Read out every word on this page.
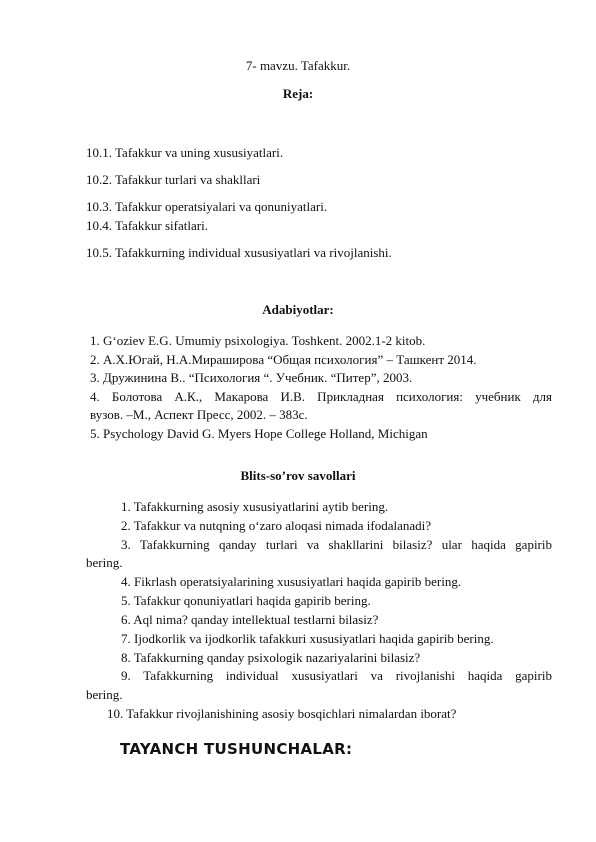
7- mavzu. Tafakkur.
Reja:
10.1. Tafakkur va uning xususiyatlari.
10.2. Tafakkur turlari va shakllari
10.3. Tafakkur operatsiyalari va qonuniyatlari.
10.4. Tafakkur sifatlari.
10.5. Tafakkurning individual xususiyatlari va rivojlanishi.
Adabiyotlar:
1. G‘oziev E.G. Umumiy psixologiya. Toshkent. 2002.1-2 kitob.
2. А.Х.Югай, Н.А.Мирашировa “Общая психология” – Ташкент 2014.
3. Дружинина В.. “Психология “. Учебник. “Питер”, 2003.
4. Болотова А.К., Макарова И.В. Прикладная психология: учебник для
вузов. –М., Аспект Пресс, 2002. – 383с.
5. Psychology David G. Myers Hope College Holland, Michigan
Blits-so’rov savollari
1. Tafakkurning asosiy xususiyatlarini aytib bering.
2. Tafakkur va nutqning o‘zaro aloqasi nimada ifodalanadi?
3. Tafakkurning qanday turlari va shakllarini bilasiz? ular haqida gapirib
bering.
4. Fikrlash operatsiyalarining xususiyatlari haqida gapirib bering.
5. Tafakkur qonuniyatlari haqida gapirib bering.
6. Aql nima? qanday intellektual testlarni bilasiz?
7. Ijodkorlik va ijodkorlik tafakkuri xususiyatlari haqida gapirib bering.
8. Tafakkurning qanday psixologik nazariyalarini bilasiz?
9. Tafakkurning individual xususiyatlari va rivojlanishi haqida gapirib
bering.
10. Tafakkur rivojlanishining asosiy bosqichlari nimalardan iborat?
TAYANCH TUSHUNCHALAR:
